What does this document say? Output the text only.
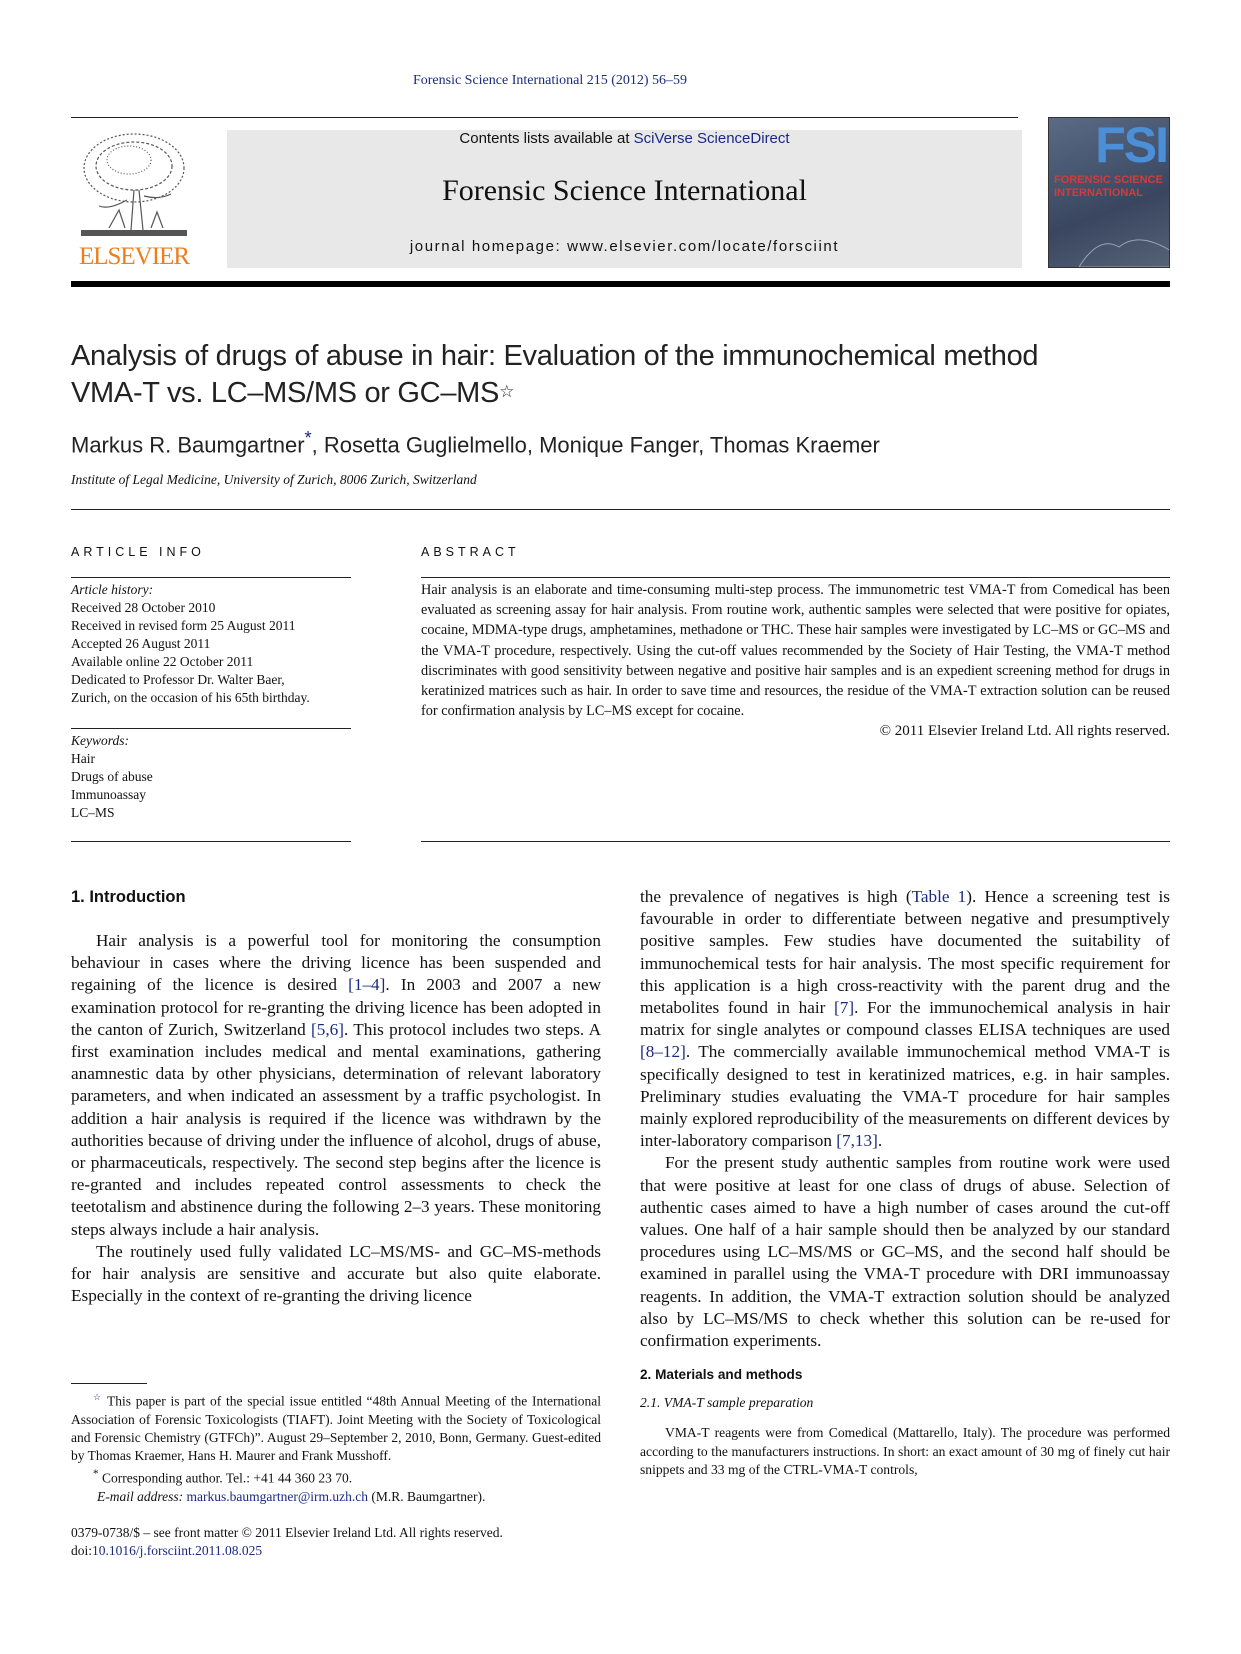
Forensic Science International 215 (2012) 56–59
ELSEVIER
Contents lists available at SciVerse ScienceDirect
Forensic Science International
journal homepage: www.elsevier.com/locate/forsciint
FSI
FORENSIC SCIENCE INTERNATIONAL
Analysis of drugs of abuse in hair: Evaluation of the immunochemical method
VMA-T vs. LC–MS/MS or GC–MS☆
Markus R. Baumgartner*, Rosetta Guglielmello, Monique Fanger, Thomas Kraemer
Institute of Legal Medicine, University of Zurich, 8006 Zurich, Switzerland
ARTICLE INFO
Article history:
Received 28 October 2010
Received in revised form 25 August 2011
Accepted 26 August 2011
Available online 22 October 2011
Dedicated to Professor Dr. Walter Baer,
Zurich, on the occasion of his 65th birthday.
Keywords:
Hair
Drugs of abuse
Immunoassay
LC–MS
ABSTRACT
Hair analysis is an elaborate and time-consuming multi-step process. The immunometric test VMA-T from Comedical has been evaluated as screening assay for hair analysis. From routine work, authentic samples were selected that were positive for opiates, cocaine, MDMA-type drugs, amphetamines, methadone or THC. These hair samples were investigated by LC–MS or GC–MS and the VMA-T procedure, respectively. Using the cut-off values recommended by the Society of Hair Testing, the VMA-T method discriminates with good sensitivity between negative and positive hair samples and is an expedient screening method for drugs in keratinized matrices such as hair. In order to save time and resources, the residue of the VMA-T extraction solution can be reused for confirmation analysis by LC–MS except for cocaine.
© 2011 Elsevier Ireland Ltd. All rights reserved.
1. Introduction

Hair analysis is a powerful tool for monitoring the consumption behaviour in cases where the driving licence has been suspended and regaining of the licence is desired [1–4]. In 2003 and 2007 a new examination protocol for re-granting the driving licence has been adopted in the canton of Zurich, Switzerland [5,6]. This protocol includes two steps. A first examination includes medical and mental examinations, gathering anamnestic data by other physicians, determination of relevant laboratory parameters, and when indicated an assessment by a traffic psychologist. In addition a hair analysis is required if the licence was withdrawn by the authorities because of driving under the influence of alcohol, drugs of abuse, or pharmaceuticals, respectively. The second step begins after the licence is re-granted and includes repeated control assessments to check the teetotalism and abstinence during the following 2–3 years. These monitoring steps always include a hair analysis.

The routinely used fully validated LC–MS/MS- and GC–MS-methods for hair analysis are sensitive and accurate but also quite elaborate. Especially in the context of re-granting the driving licence

the prevalence of negatives is high (Table 1). Hence a screening test is favourable in order to differentiate between negative and presumptively positive samples. Few studies have documented the suitability of immunochemical tests for hair analysis. The most specific requirement for this application is a high cross-reactivity with the parent drug and the metabolites found in hair [7]. For the immunochemical analysis in hair matrix for single analytes or compound classes ELISA techniques are used [8–12]. The commercially available immunochemical method VMA-T is specifically designed to test in keratinized matrices, e.g. in hair samples. Preliminary studies evaluating the VMA-T procedure for hair samples mainly explored reproducibility of the measurements on different devices by inter-laboratory comparison [7,13].

For the present study authentic samples from routine work were used that were positive at least for one class of drugs of abuse. Selection of authentic cases aimed to have a high number of cases around the cut-off values. One half of a hair sample should then be analyzed by our standard procedures using LC–MS/MS or GC–MS, and the second half should be examined in parallel using the VMA-T procedure with DRI immunoassay reagents. In addition, the VMA-T extraction solution should be analyzed also by LC–MS/MS to check whether this solution can be re-used for confirmation experiments.

2. Materials and methods
2.1. VMA-T sample preparation
VMA-T reagents were from Comedical (Mattarello, Italy). The procedure was performed according to the manufacturers instructions. In short: an exact amount of 30 mg of finely cut hair snippets and 33 mg of the CTRL-VMA-T controls,
☆ This paper is part of the special issue entitled “48th Annual Meeting of the International Association of Forensic Toxicologists (TIAFT). Joint Meeting with the Society of Toxicological and Forensic Chemistry (GTFCh)”. August 29–September 2, 2010, Bonn, Germany. Guest-edited by Thomas Kraemer, Hans H. Maurer and Frank Musshoff.
* Corresponding author. Tel.: +41 44 360 23 70.
E-mail address: markus.baumgartner@irm.uzh.ch (M.R. Baumgartner).
0379-0738/$ – see front matter © 2011 Elsevier Ireland Ltd. All rights reserved.
doi:10.1016/j.forsciint.2011.08.025
